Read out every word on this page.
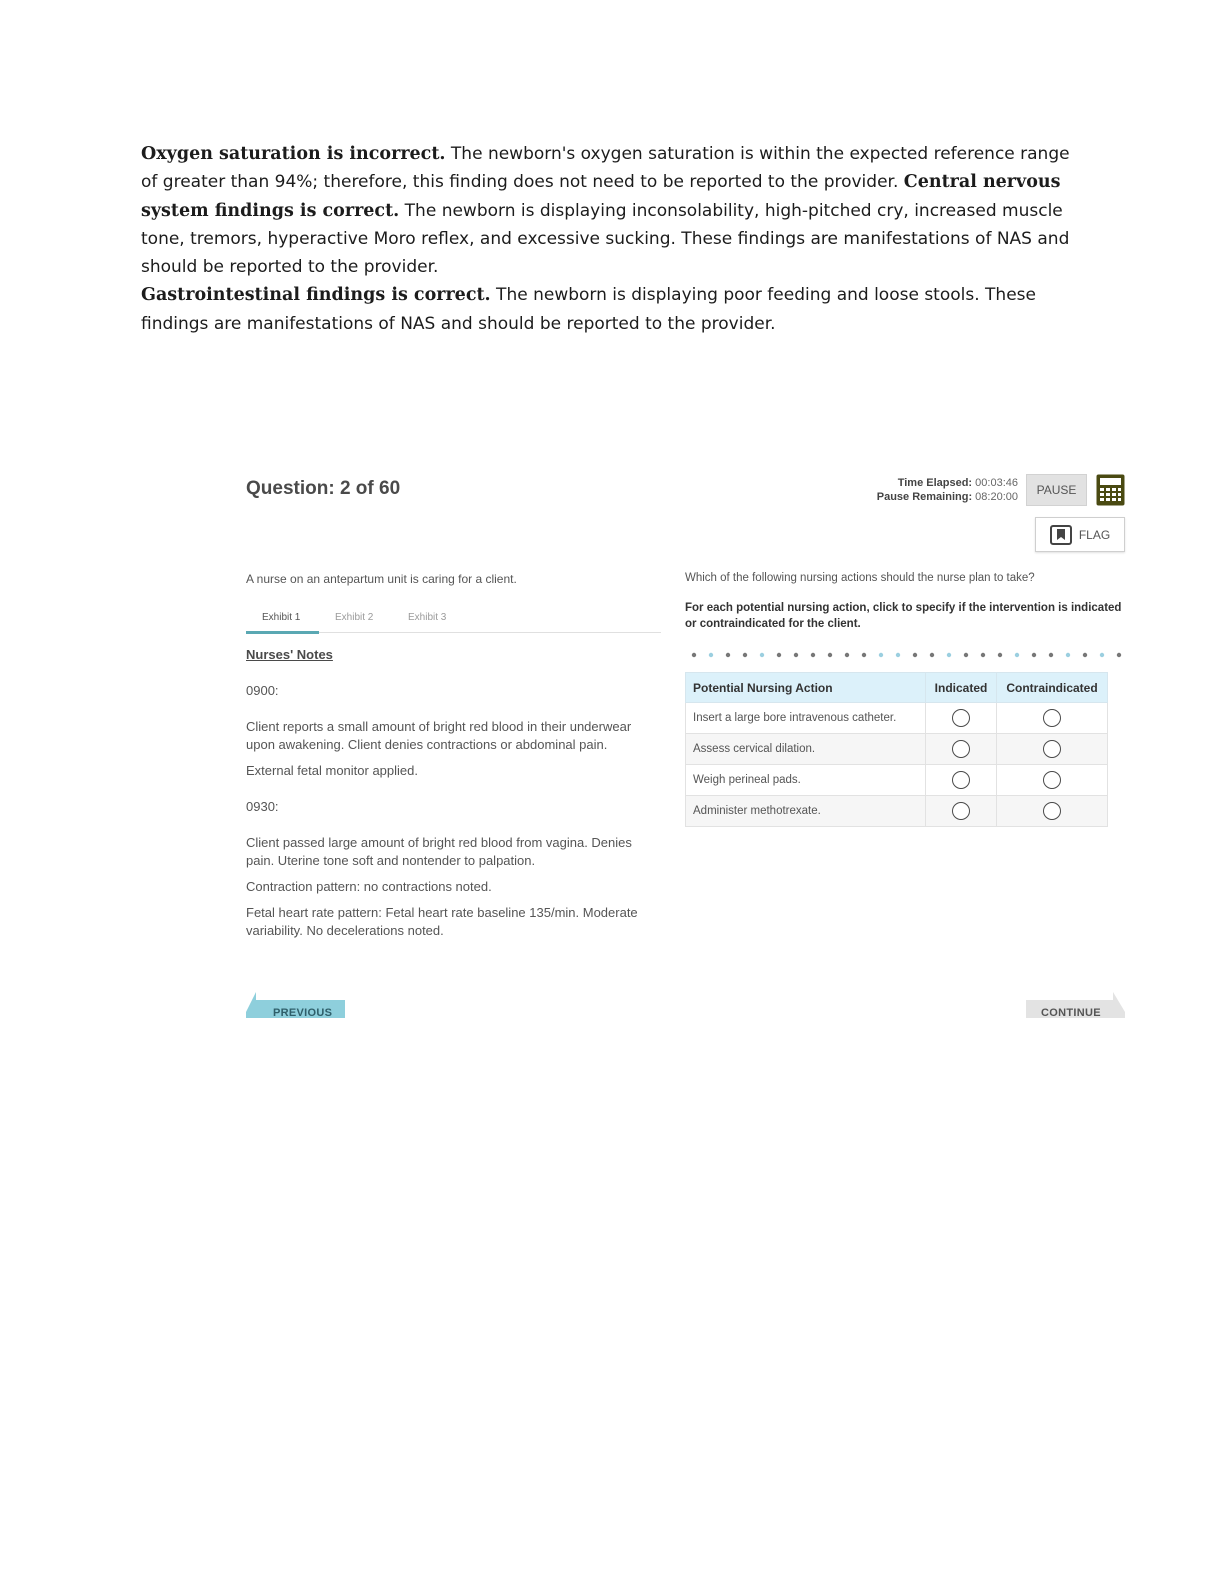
Oxygen saturation is incorrect. The newborn's oxygen saturation is within the expected reference range of greater than 94%; therefore, this finding does not need to be reported to the provider. Central nervous system findings is correct. The newborn is displaying inconsolability, high-pitched cry, increased muscle tone, tremors, hyperactive Moro reflex, and excessive sucking. These findings are manifestations of NAS and should be reported to the provider.

Gastrointestinal findings is correct. The newborn is displaying poor feeding and loose stools. These findings are manifestations of NAS and should be reported to the provider.

Question: 2 of 60	Time Elapsed: 00:03:46
Pause Remaining: 08:20:00	PAUSE
FLAG
A nurse on an antepartum unit is caring for a client.
Exhibit 1	Exhibit 2	Exhibit 3
Nurses' Notes

0900:

Client reports a small amount of bright red blood in their underwear upon awakening. Client denies contractions or abdominal pain.

External fetal monitor applied.

0930:

Client passed large amount of bright red blood from vagina. Denies pain. Uterine tone soft and nontender to palpation.

Contraction pattern: no contractions noted.

Fetal heart rate pattern: Fetal heart rate baseline 135/min. Moderate variability. No decelerations noted.

Which of the following nursing actions should the nurse plan to take?
For each potential nursing action, click to specify if the intervention is indicated or contraindicated for the client.
Potential Nursing Action	Indicated	Contraindicated
Insert a large bore intravenous catheter.		
Assess cervical dilation.		
Weigh perineal pads.		
Administer methotrexate.		
PREVIOUS	CONTINUE
